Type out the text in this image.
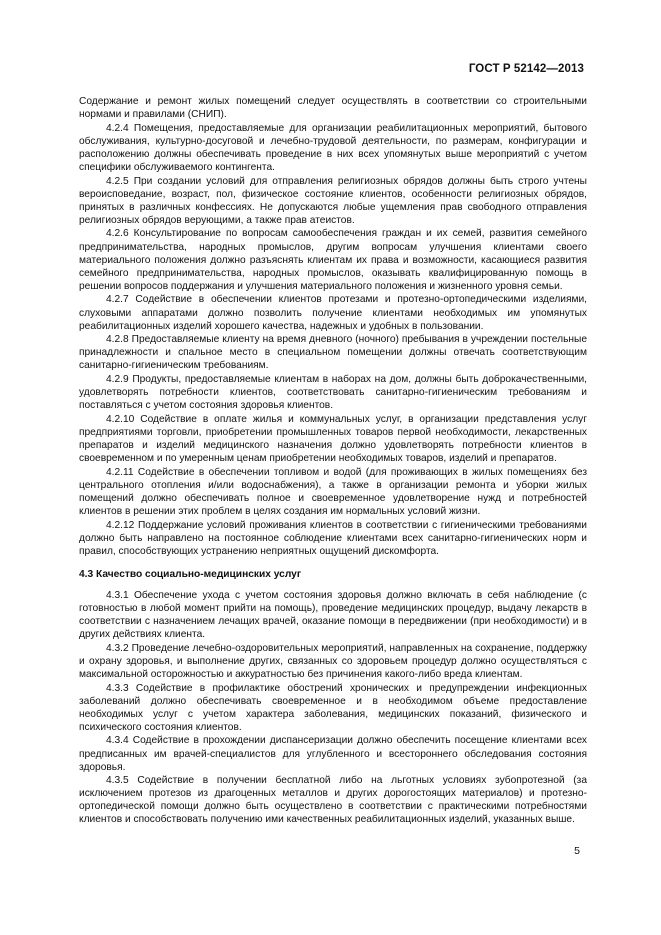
ГОСТ Р 52142—2013

Содержание и ремонт жилых помещений следует осуществлять в соответствии со строительными нормами и правилами (СНИП).

4.2.4 Помещения, предоставляемые для организации реабилитационных мероприятий, бытового обслуживания, культурно-досуговой и лечебно-трудовой деятельности, по размерам, конфигурации и расположению должны обеспечивать проведение в них всех упомянутых выше мероприятий с учетом специфики обслуживаемого контингента.

4.2.5 При создании условий для отправления религиозных обрядов должны быть строго учтены вероисповедание, возраст, пол, физическое состояние клиентов, особенности религиозных обрядов, принятых в различных конфессиях. Не допускаются любые ущемления прав свободного отправления религиозных обрядов верующими, а также прав атеистов.

4.2.6 Консультирование по вопросам самообеспечения граждан и их семей, развития семейного предпринимательства, народных промыслов, другим вопросам улучшения клиентами своего материального положения должно разъяснять клиентам их права и возможности, касающиеся развития семейного предпринимательства, народных промыслов, оказывать квалифицированную помощь в решении вопросов поддержания и улучшения материального положения и жизненного уровня семьи.

4.2.7 Содействие в обеспечении клиентов протезами и протезно-ортопедическими изделиями, слуховыми аппаратами должно позволить получение клиентами необходимых им упомянутых реабилитационных изделий хорошего качества, надежных и удобных в пользовании.

4.2.8 Предоставляемые клиенту на время дневного (ночного) пребывания в учреждении постельные принадлежности и спальное место в специальном помещении должны отвечать соответствующим санитарно-гигиеническим требованиям.

4.2.9 Продукты, предоставляемые клиентам в наборах на дом, должны быть доброкачественными, удовлетворять потребности клиентов, соответствовать санитарно-гигиеническим требованиям и поставляться с учетом состояния здоровья клиентов.

4.2.10 Содействие в оплате жилья и коммунальных услуг, в организации представления услуг предприятиями торговли, приобретении промышленных товаров первой необходимости, лекарственных препаратов и изделий медицинского назначения должно удовлетворять потребности клиентов в своевременном и по умеренным ценам приобретении необходимых товаров, изделий и препаратов.

4.2.11 Содействие в обеспечении топливом и водой (для проживающих в жилых помещениях без центрального отопления и/или водоснабжения), а также в организации ремонта и уборки жилых помещений должно обеспечивать полное и своевременное удовлетворение нужд и потребностей клиентов в решении этих проблем в целях создания им нормальных условий жизни.

4.2.12 Поддержание условий проживания клиентов в соответствии с гигиеническими требованиями должно быть направлено на постоянное соблюдение клиентами всех санитарно-гигиенических норм и правил, способствующих устранению неприятных ощущений дискомфорта.

4.3 Качество социально-медицинских услуг

4.3.1 Обеспечение ухода с учетом состояния здоровья должно включать в себя наблюдение (с готовностью в любой момент прийти на помощь), проведение медицинских процедур, выдачу лекарств в соответствии с назначением лечащих врачей, оказание помощи в передвижении (при необходимости) и в других действиях клиента.

4.3.2 Проведение лечебно-оздоровительных мероприятий, направленных на сохранение, поддержку и охрану здоровья, и выполнение других, связанных со здоровьем процедур должно осуществляться с максимальной осторожностью и аккуратностью без причинения какого-либо вреда клиентам.

4.3.3 Содействие в профилактике обострений хронических и предупреждении инфекционных заболеваний должно обеспечивать своевременное и в необходимом объеме предоставление необходимых услуг с учетом характера заболевания, медицинских показаний, физического и психического состояния клиентов.

4.3.4 Содействие в прохождении диспансеризации должно обеспечить посещение клиентами всех предписанных им врачей-специалистов для углубленного и всестороннего обследования состояния здоровья.

4.3.5 Содействие в получении бесплатной либо на льготных условиях зубопротезной (за исключением протезов из драгоценных металлов и других дорогостоящих материалов) и протезно-ортопедической помощи должно быть осуществлено в соответствии с практическими потребностями клиентов и способствовать получению ими качественных реабилитационных изделий, указанных выше.

5
